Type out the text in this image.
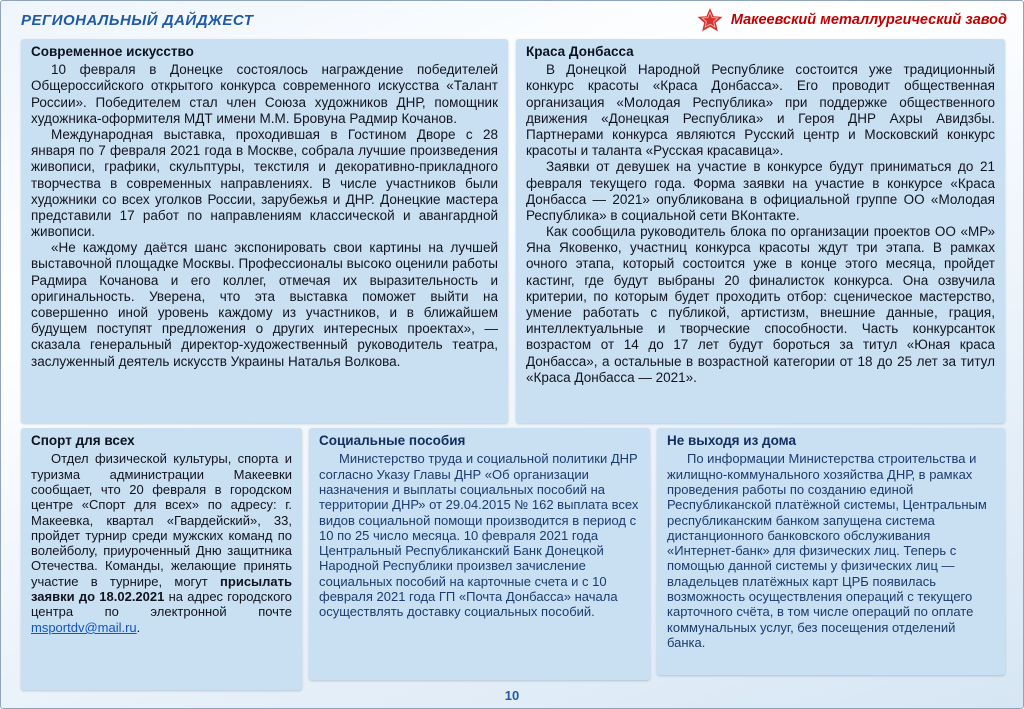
РЕГИОНАЛЬНЫЙ ДАЙДЖЕСТ	Макеевский металлургический завод
Современное искусство

10 февраля в Донецке состоялось награждение победителей Общероссийского открытого конкурса современного искусства «Талант России». Победителем стал член Союза художников ДНР, помощник художника-оформителя МДТ имени М.М. Бровуна Радмир Кочанов.

Международная выставка, проходившая в Гостином Дворе с 28 января по 7 февраля 2021 года в Москве, собрала лучшие произведения живописи, графики, скульптуры, текстиля и декоративно-прикладного творчества в современных направлениях. В числе участников были художники со всех уголков России, зарубежья и ДНР. Донецкие мастера представили 17 работ по направлениям классической и авангардной живописи.

«Не каждому даётся шанс экспонировать свои картины на лучшей выставочной площадке Москвы. Профессионалы высоко оценили работы Радмира Кочанова и его коллег, отмечая их выразительность и оригинальность. Уверена, что эта выставка поможет выйти на совершенно иной уровень каждому из участников, и в ближайшем будущем поступят предложения о других интересных проектах», — сказала генеральный директор-художественный руководитель театра, заслуженный деятель искусств Украины Наталья Волкова.

Краса Донбасса

В Донецкой Народной Республике состоится уже традиционный конкурс красоты «Краса Донбасса». Его проводит общественная организация «Молодая Республика» при поддержке общественного движения «Донецкая Республика» и Героя ДНР Ахры Авидзбы. Партнерами конкурса являются Русский центр и Московский конкурс красоты и таланта «Русская красавица».

Заявки от девушек на участие в конкурсе будут приниматься до 21 февраля текущего года. Форма заявки на участие в конкурсе «Краса Донбасса — 2021» опубликована в официальной группе ОО «Молодая Республика» в социальной сети ВКонтакте.

Как сообщила руководитель блока по организации проектов ОО «МР» Яна Яковенко, участниц конкурса красоты ждут три этапа. В рамках очного этапа, который состоится уже в конце этого месяца, пройдет кастинг, где будут выбраны 20 финалисток конкурса. Она озвучила критерии, по которым будет проходить отбор: сценическое мастерство, умение работать с публикой, артистизм, внешние данные, грация, интеллектуальные и творческие способности. Часть конкурсанток возрастом от 14 до 17 лет будут бороться за титул «Юная краса Донбасса», а остальные в возрастной категории от 18 до 25 лет за титул «Краса Донбасса — 2021».

Спорт для всех

Отдел физической культуры, спорта и туризма администрации Макеевки сообщает, что 20 февраля в городском центре «Спорт для всех» по адресу: г. Макеевка, квартал «Гвардейский», 33, пройдет турнир среди мужских команд по волейболу, приуроченный Дню защитника Отечества. Команды, желающие принять участие в турнире, могут присылать заявки до 18.02.2021 на адрес городского центра по электронной почте msportdv@mail.ru.

Социальные пособия

Министерство труда и социальной политики ДНР согласно Указу Главы ДНР «Об организации назначения и выплаты социальных пособий на территории ДНР» от 29.04.2015 № 162 выплата всех видов социальной помощи производится в период с 10 по 25 число месяца. 10 февраля 2021 года Центральный Республиканский Банк Донецкой Народной Республики произвел зачисление социальных пособий на карточные счета и с 10 февраля 2021 года ГП «Почта Донбасса» начала осуществлять доставку социальных пособий.

Не выходя из дома

По информации Министерства строительства и жилищно-коммунального хозяйства ДНР, в рамках проведения работы по созданию единой Республиканской платёжной системы, Центральным республиканским банком запущена система дистанционного банковского обслуживания «Интернет-банк» для физических лиц. Теперь с помощью данной системы у физических лиц — владельцев платёжных карт ЦРБ появилась возможность осуществления операций с текущего карточного счёта, в том числе операций по оплате коммунальных услуг, без посещения отделений банка.

10
